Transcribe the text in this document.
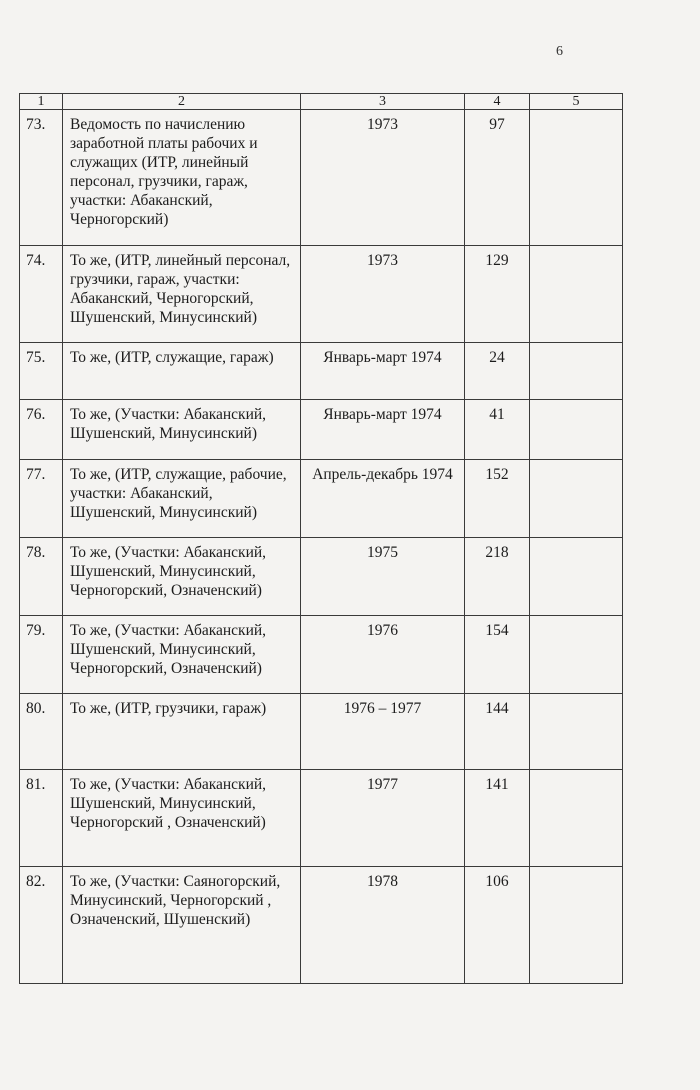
6
1	2	3	4	5
73.	Ведомость по начислению заработной платы рабочих и служащих (ИТР, линейный персонал, грузчики, гараж, участки: Абаканский, Черногорский)	1973	97	
74.	То же, (ИТР, линейный персонал, грузчики, гараж, участки: Абаканский, Черногорский, Шушенский, Минусинский)	1973	129	
75.	То же, (ИТР, служащие, гараж)	Январь-март 1974	24	
76.	То же, (Участки: Абаканский, Шушенский, Минусинский)	Январь-март 1974	41	
77.	То же, (ИТР, служащие, рабочие, участки: Абаканский, Шушенский, Минусинский)	Апрель-декабрь 1974	152	
78.	То же, (Участки: Абаканский, Шушенский, Минусинский, Черногорский, Означенский)	1975	218	
79.	То же, (Участки: Абаканский, Шушенский, Минусинский, Черногорский, Означенский)	1976	154	
80.	То же, (ИТР, грузчики, гараж)	1976 – 1977	144	
81.	То же, (Участки: Абаканский, Шушенский, Минусинский, Черногорский , Означенский)	1977	141	
82.	То же, (Участки: Саяногорский, Минусинский, Черногорский , Означенский, Шушенский)	1978	106	
